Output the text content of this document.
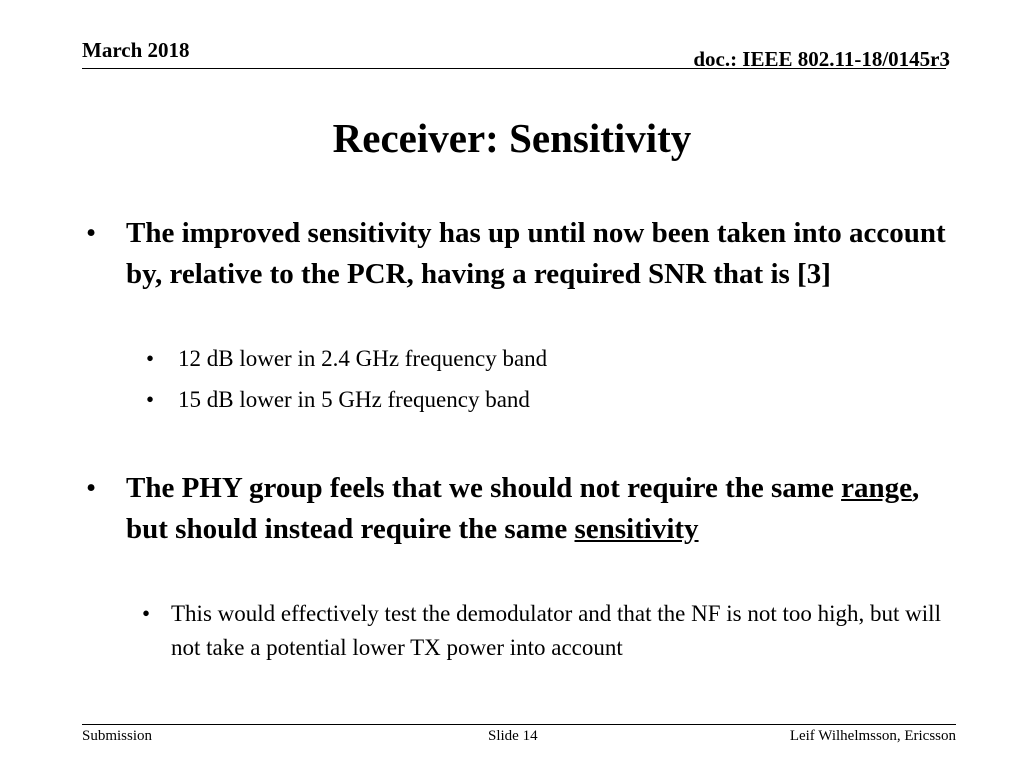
March 2018	doc.: IEEE 802.11-18/0145r3
Receiver: Sensitivity
• The improved sensitivity has up until now been taken into account by, relative to the PCR, having a required SNR that is [3]
• 12 dB lower in 2.4 GHz frequency band
• 15 dB lower in 5 GHz frequency band
• The PHY group feels that we should not require the same range, but should instead require the same sensitivity
• This would effectively test the demodulator and that the NF is not too high, but will not take a potential lower TX power into account
Submission	Slide 14	Leif Wilhelmsson, Ericsson
